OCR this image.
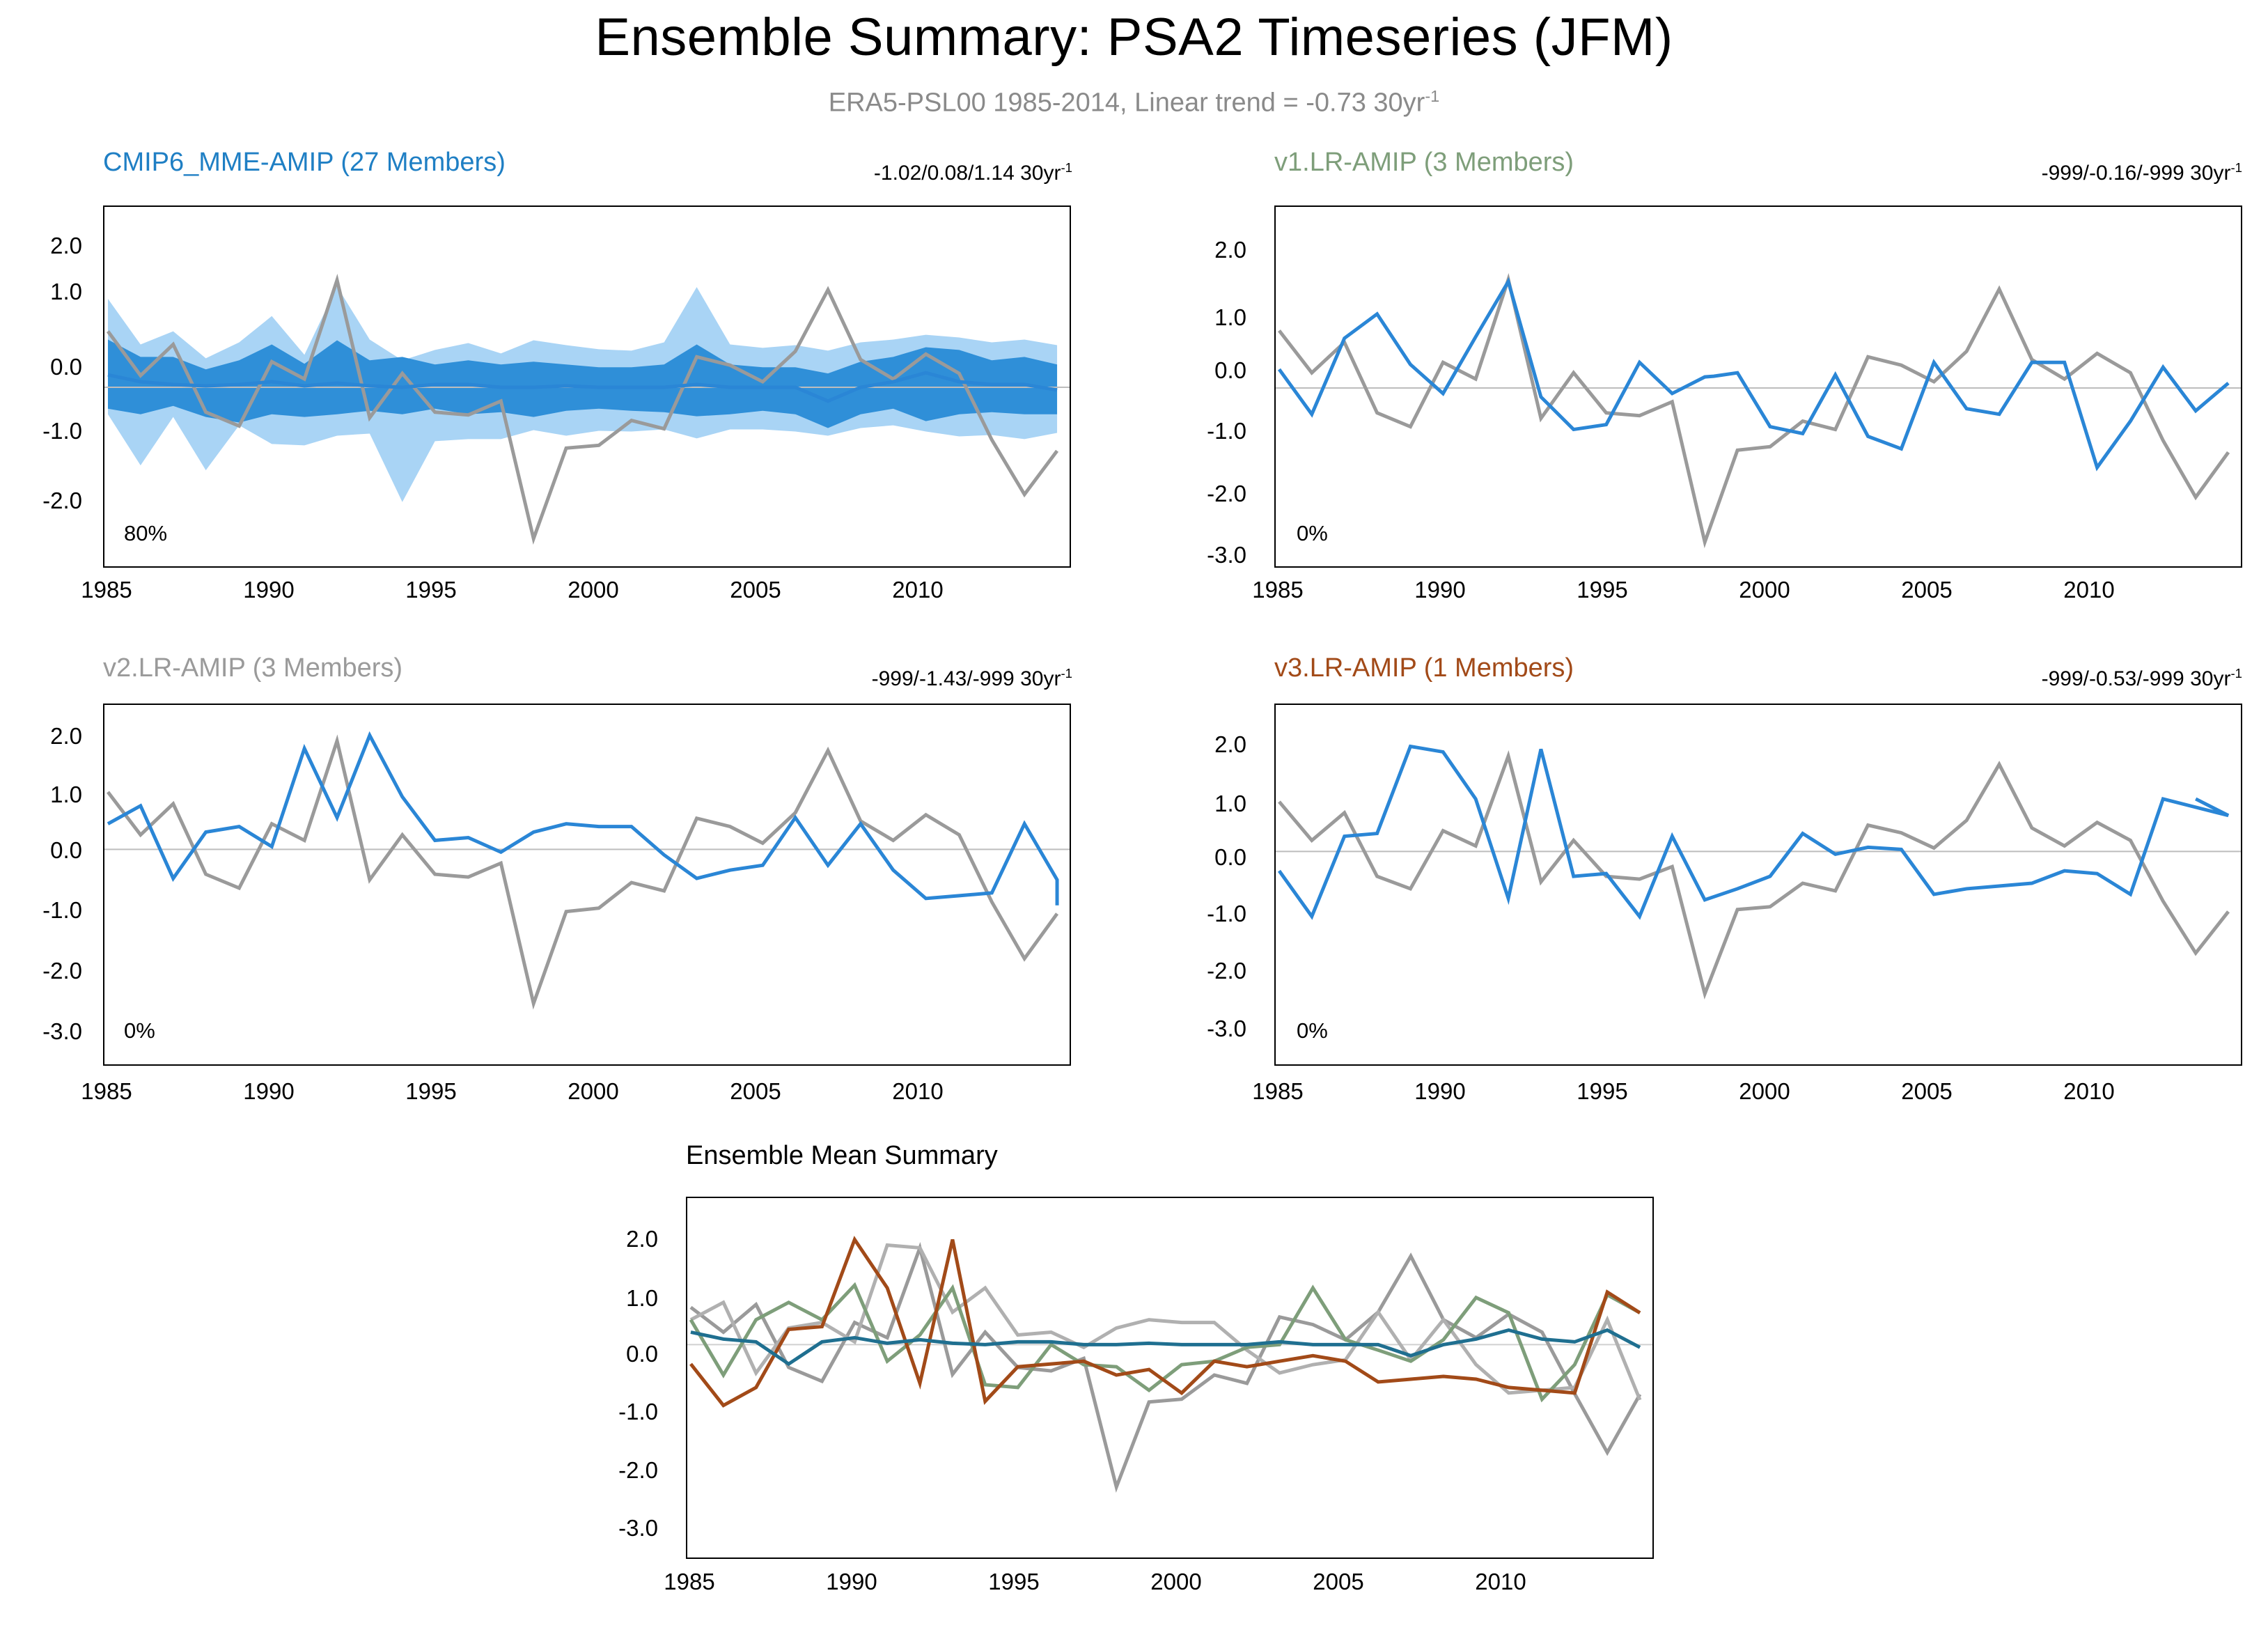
Ensemble Summary: PSA2 Timeseries (JFM)
ERA5-PSL00 1985-2014, Linear trend = -0.73 $30yr^{-1}$
CMIP6_MME-AMIP (27 Members)	-1.02/0.08/1.14 $30yr^{-1}$
2.0
1.0
0.0
-1.0
-2.0
80%
1985	1990	1995	2000	2005	2010
v1.LR-AMIP (3 Members)	-999/-0.16/-999 $30yr^{-1}$
2.0
1.0
0.0
-1.0
-2.0
-3.0
0%
1985	1990	1995	2000	2005	2010
v2.LR-AMIP (3 Members)	-999/-1.43/-999 $30yr^{-1}$
2.0
1.0
0.0
-1.0
-2.0
-3.0 0%
1985	1990	1995	2000	2005	2010
v3.LR-AMIP (1 Members)	-999/-0.53/-999 $30yr^{-1}$
2.0
1.0
0.0
-1.0
-2.0
-3.0 0%
1985	1990	1995	2000	2005	2010
Ensemble Mean Summary
2.0
1.0
0.0
-1.0
-2.0
-3.0
1985	1990	1995	2000	2005	2010
